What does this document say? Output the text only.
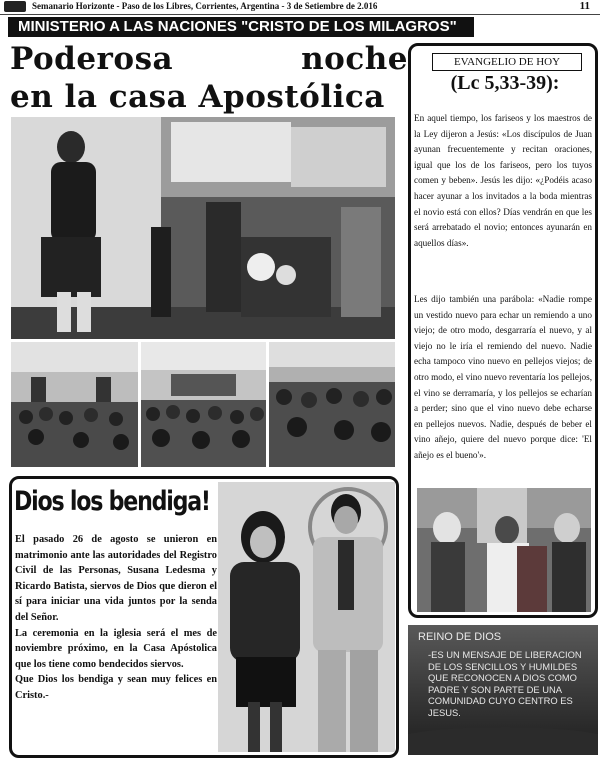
Semanario Horizonte - Paso de los Libres, Corrientes, Argentina - 3 de Setiembre de 2.016	11
MINISTERIO A LAS NACIONES "CRISTO DE LOS MILAGROS"
Poderosa	noche
en la casa Apostólica
EVANGELIO DE HOY
(Lc 5,33-39):
En aquel tiempo, los fariseos y los maestros de la Ley dijeron a Jesús: «Los discípulos de Juan ayunan frecuentemente y recitan oraciones, igual que los de los fariseos, pero los tuyos comen y beben». Jesús les dijo: «¿Podéis acaso hacer ayunar a los invitados a la boda mientras el novio está con ellos? Días vendrán en que les será arrebatado el novio; entonces ayunarán en aquellos días».
Les dijo también una parábola: «Nadie rompe un vestido nuevo para echar un remiendo a uno viejo; de otro modo, desgarraría el nuevo, y al viejo no le iría el remiendo del nuevo. Nadie echa tampoco vino nuevo en pellejos viejos; de otro modo, el vino nuevo reventaría los pellejos, el vino se derramaría, y los pellejos se echarían a perder; sino que el vino nuevo debe echarse en pellejos nuevos. Nadie, después de beber el vino añejo, quiere del nuevo porque dice: 'El añejo es el bueno'».
Dios los bendiga!
El pasado 26 de agosto se unieron en matrimonio ante las autoridades del Registro Civil de las Personas, Susana Ledesma y Ricardo Batista, siervos de Dios que dieron el sí para iniciar una vida juntos por la senda del Señor.
La ceremonia en la iglesia será el mes de noviembre próximo, en la Casa Apóstolica que los tiene como bendecidos siervos.
Que Dios los bendiga y sean muy felices en Cristo.-
REINO DE DIOS
-ES UN MENSAJE DE LIBERACION DE LOS SENCILLOS Y HUMILDES QUE RECONOCEN A DIOS COMO PADRE Y SON PARTE DE UNA COMUNIDAD CUYO CENTRO ES JESUS.
